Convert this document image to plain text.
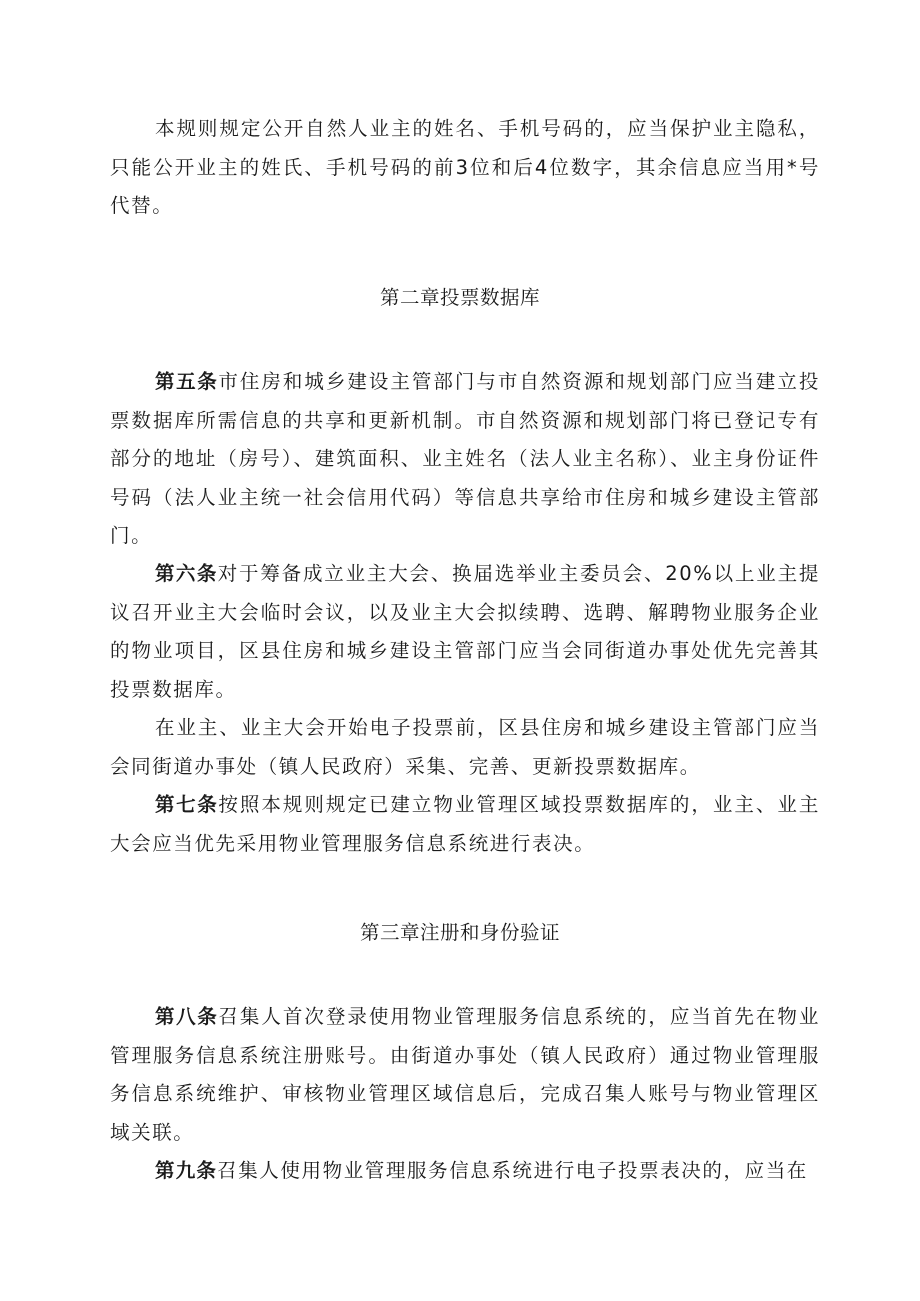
本规则规定公开自然人业主的姓名、手机号码的，应当保护业主隐私，只能公开业主的姓氏、手机号码的前3位和后4位数字，其余信息应当用*号代替。

第二章投票数据库

第五条市住房和城乡建设主管部门与市自然资源和规划部门应当建立投票数据库所需信息的共享和更新机制。市自然资源和规划部门将已登记专有部分的地址（房号）、建筑面积、业主姓名（法人业主名称）、业主身份证件号码（法人业主统一社会信用代码）等信息共享给市住房和城乡建设主管部门。

第六条对于筹备成立业主大会、换届选举业主委员会、20%以上业主提议召开业主大会临时会议，以及业主大会拟续聘、选聘、解聘物业服务企业的物业项目，区县住房和城乡建设主管部门应当会同街道办事处优先完善其投票数据库。

在业主、业主大会开始电子投票前，区县住房和城乡建设主管部门应当会同街道办事处（镇人民政府）采集、完善、更新投票数据库。

第七条按照本规则规定已建立物业管理区域投票数据库的，业主、业主大会应当优先采用物业管理服务信息系统进行表决。

第三章注册和身份验证

第八条召集人首次登录使用物业管理服务信息系统的，应当首先在物业管理服务信息系统注册账号。由街道办事处（镇人民政府）通过物业管理服务信息系统维护、审核物业管理区域信息后，完成召集人账号与物业管理区域关联。

第九条召集人使用物业管理服务信息系统进行电子投票表决的，应当在
